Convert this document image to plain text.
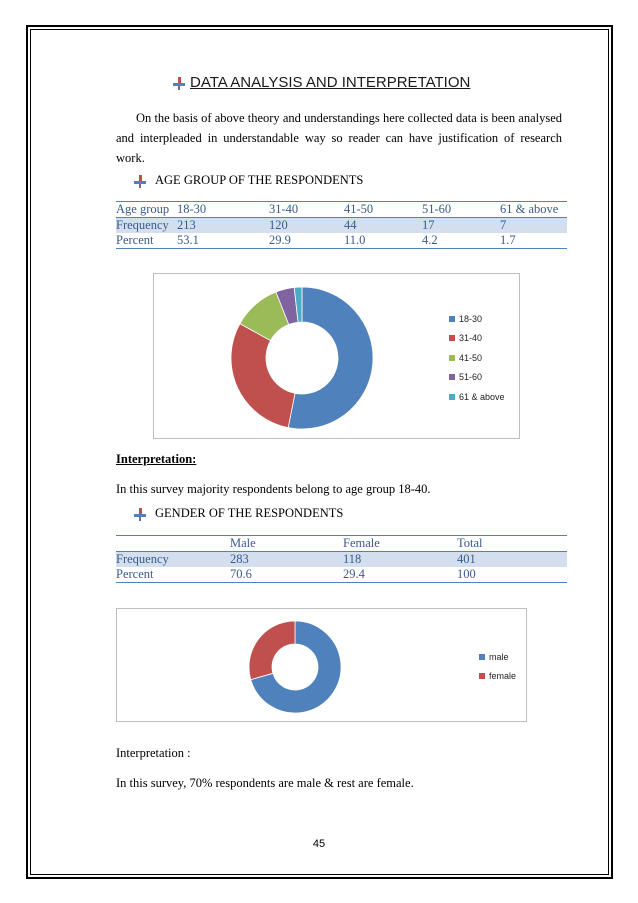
DATA ANALYSIS AND INTERPRETATION
On the basis of above theory and understandings here collected data is been analysed and interpleaded in understandable way so reader can have justification of research work.
AGE GROUP OF THE RESPONDENTS
Age group	18-30	31-40	41-50	51-60	61 & above
Frequency	213	120	44	17	7
Percent	53.1	29.9	11.0	4.2	1.7
18-30
31-40
41-50
51-60
61 & above
Interpretation:
In this survey majority respondents belong to age group 18-40.
GENDER OF THE RESPONDENTS
	Male	Female	Total
Frequency	283	118	401
Percent	70.6	29.4	100
male
female
Interpretation :
In this survey, 70% respondents are male & rest are female.
45
